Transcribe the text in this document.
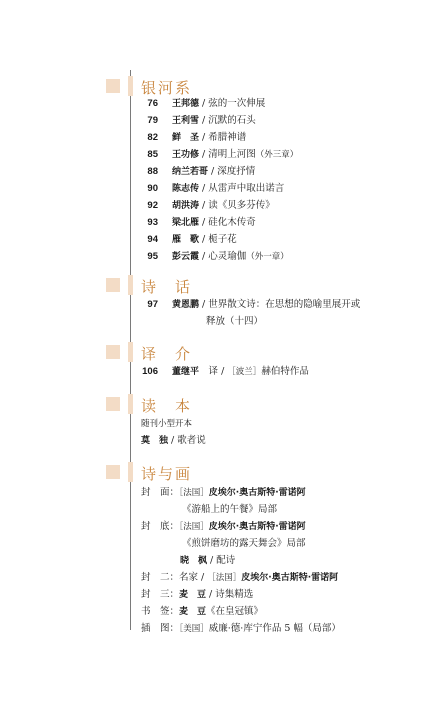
银河系
76 王邦德 / 弦的一次伸展
79 王利雪 / 沉默的石头
82 鲜　圣 / 希腊神谱
85 王功修 / 清明上河图（外三章）
88 纳兰若哥 / 深度抒情
90 陈志传 / 从雷声中取出诺言
92 胡洪涛 / 读《贝多芬传》
93 梁北雁 / 硅化木传奇
94 雁　歌 / 栀子花
95 彭云霞 / 心灵瑜伽（外一章）
诗　话
97 黄恩鹏 / 世界散文诗：在思想的隐喻里展开或
释放（十四）
译　介
106 董继平　 译 / ［波兰］赫伯特作品
读　本
随刊小型开本
莫　独 / 歌者说
诗与画
封　面：［法国］皮埃尔·奥古斯特·雷诺阿
《游船上的午餐》局部
封　底：［法国］皮埃尔·奥古斯特·雷诺阿
《煎饼磨坊的露天舞会》局部
晓　枫 / 配诗
封　二：名家 / ［法国］皮埃尔·奥古斯特·雷诺阿
封　三：麦　豆 / 诗集精选
书　签：麦　豆《在皇冠镇》
插　图：［美国］威廉·德·库宁作品 5 幅（局部）
